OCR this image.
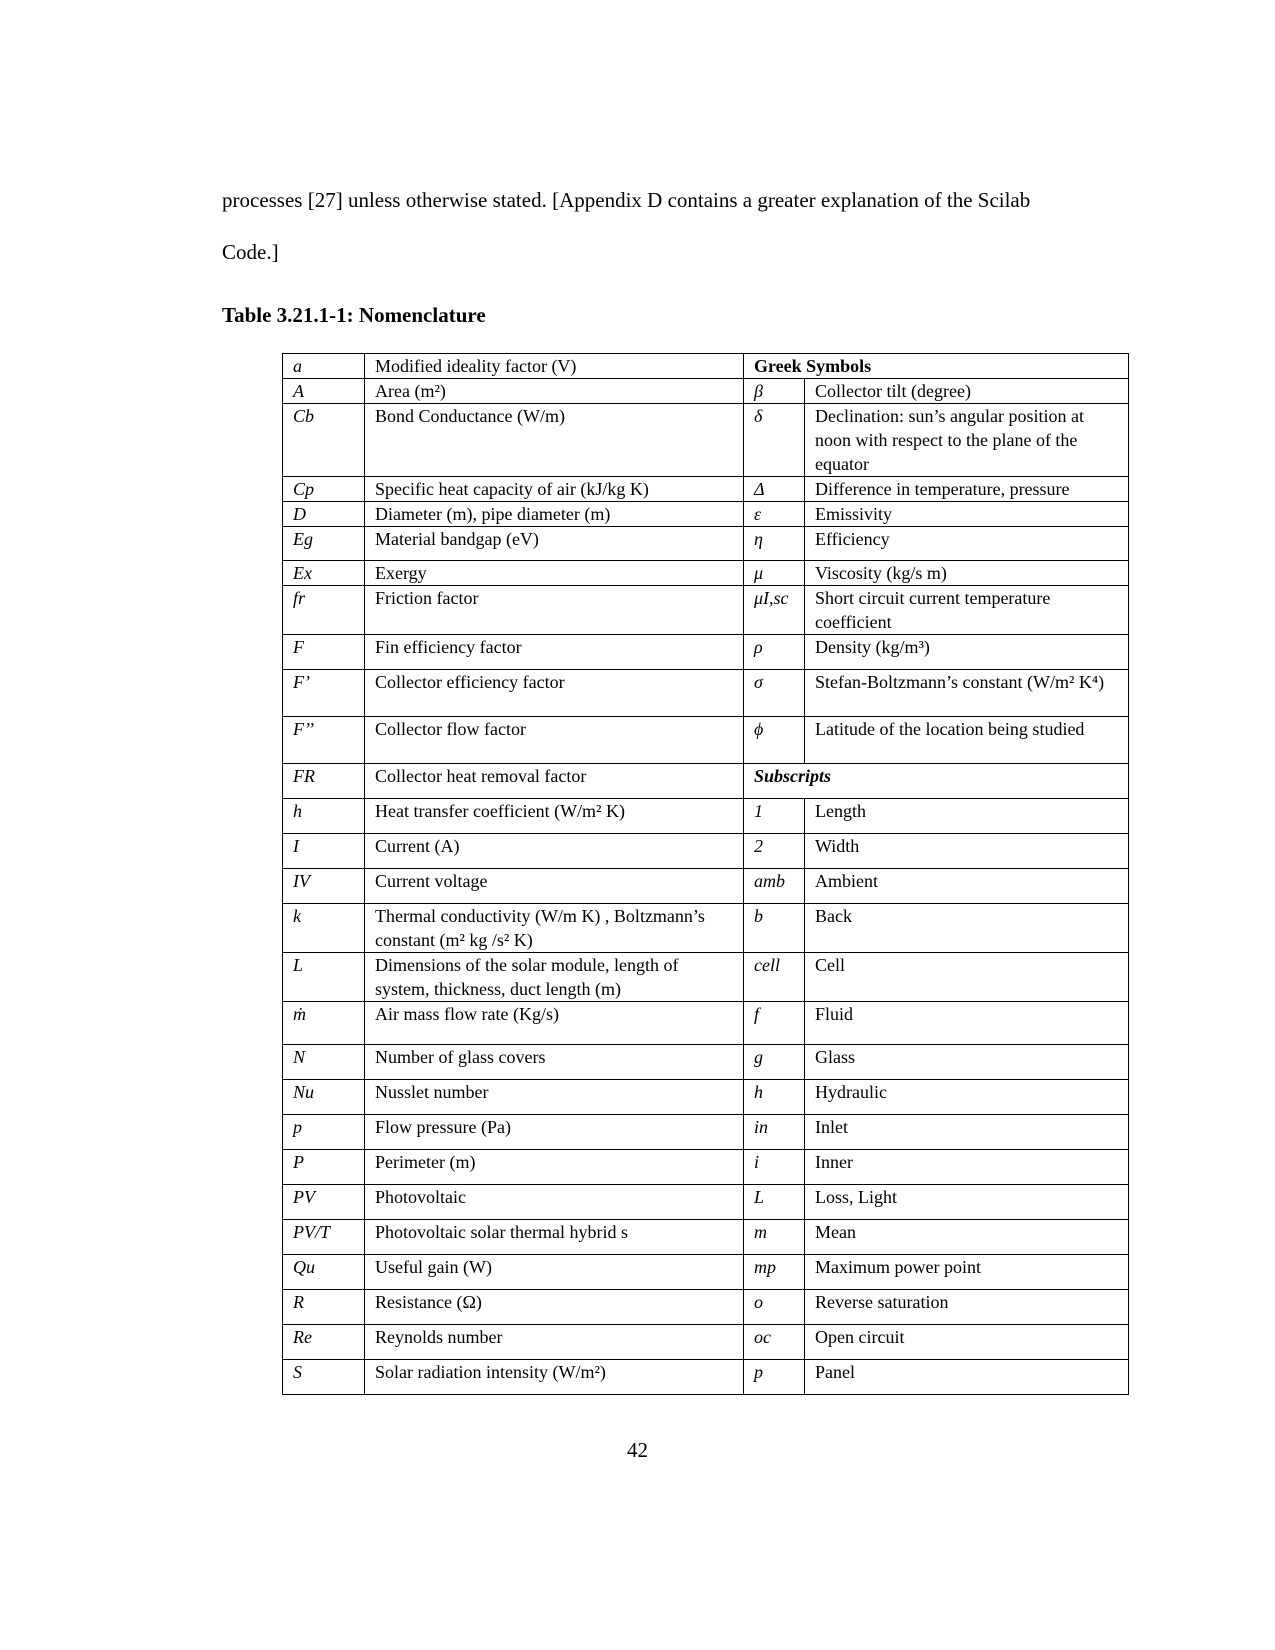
processes [27] unless otherwise stated. [Appendix D contains a greater explanation of the Scilab

Code.]

Table 3.21.1-1: Nomenclature

a	Modified ideality factor (V)	Greek Symbols	
A	Area (m²)	β	Collector tilt (degree)
Cb	Bond Conductance (W/m)	δ	Declination: sun’s angular position at noon with respect to the plane of the equator
Cp	Specific heat capacity of air (kJ/kg K)	Δ	Difference in temperature, pressure
D	Diameter (m), pipe diameter (m)	ε	Emissivity
Eg	Material bandgap (eV)	η	Efficiency
Ex	Exergy	μ	Viscosity (kg/s m)
fr	Friction factor	μI,sc	Short circuit current temperature coefficient
F	Fin efficiency factor	ρ	Density (kg/m³)
F’	Collector efficiency factor	σ	Stefan-Boltzmann’s constant (W/m² K⁴)
F’’	Collector flow factor	ϕ	Latitude of the location being studied
FR	Collector heat removal factor	Subscripts	
h	Heat transfer coefficient (W/m² K)	1	Length
I	Current (A)	2	Width
IV	Current voltage	amb	Ambient
k	Thermal conductivity (W/m K) , Boltzmann’s constant (m² kg /s² K)	b	Back
L	Dimensions of the solar module, length of system, thickness, duct length (m)	cell	Cell
ṁ	Air mass flow rate (Kg/s)	f	Fluid
N	Number of glass covers	g	Glass
Nu	Nusslet number	h	Hydraulic
p	Flow pressure (Pa)	in	Inlet
P	Perimeter (m)	i	Inner
PV	Photovoltaic	L	Loss, Light
PV/T	Photovoltaic solar thermal hybrid s	m	Mean
Qu	Useful gain (W)	mp	Maximum power point
R	Resistance (Ω)	o	Reverse saturation
Re	Reynolds number	oc	Open circuit
S	Solar radiation intensity (W/m²)	p	Panel

42
